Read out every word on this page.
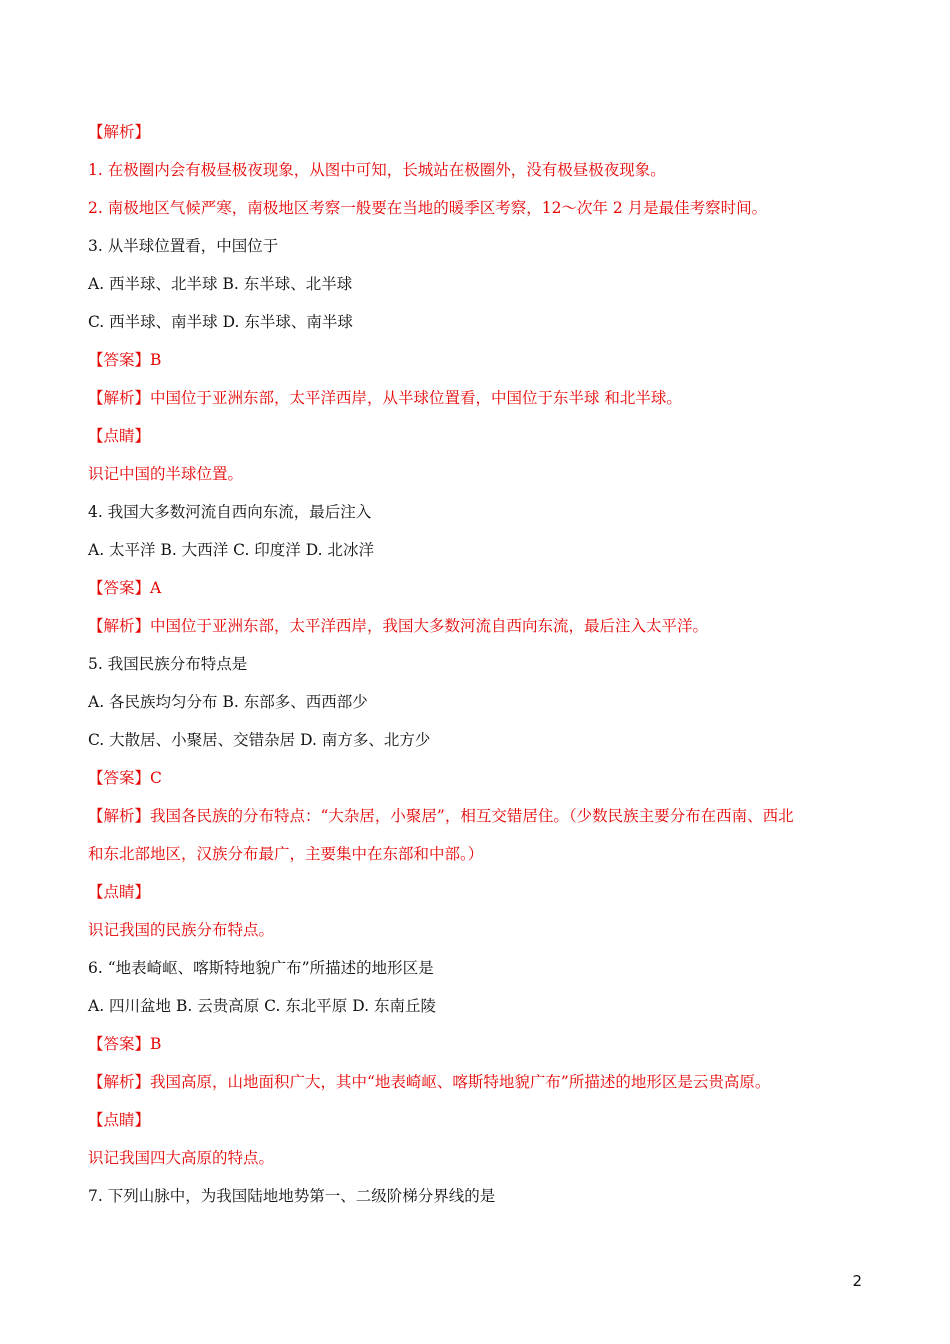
【解析】
1. 在极圈内会有极昼极夜现象，从图中可知，长城站在极圈外，没有极昼极夜现象。
2. 南极地区气候严寒，南极地区考察一般要在当地的暖季区考察，12～次年 2 月是最佳考察时间。
3. 从半球位置看，中国位于
A. 西半球、北半球 B. 东半球、北半球
C. 西半球、南半球 D. 东半球、南半球
【答案】B
【解析】中国位于亚洲东部，太平洋西岸，从半球位置看，中国位于东半球 和北半球。
【点睛】
识记中国的半球位置。
4. 我国大多数河流自西向东流，最后注入
A. 太平洋 B. 大西洋 C. 印度洋 D. 北冰洋
【答案】A
【解析】中国位于亚洲东部，太平洋西岸，我国大多数河流自西向东流，最后注入太平洋。
5. 我国民族分布特点是
A. 各民族均匀分布 B. 东部多、西西部少
C. 大散居、小聚居、交错杂居 D. 南方多、北方少
【答案】C
【解析】我国各民族的分布特点：“大杂居，小聚居”，相互交错居住。（少数民族主要分布在西南、西北
和东北部地区，汉族分布最广，主要集中在东部和中部。）
【点睛】
识记我国的民族分布特点。
6. “地表崎岖、喀斯特地貌广布”所描述的地形区是
A. 四川盆地 B. 云贵高原 C. 东北平原 D. 东南丘陵
【答案】B
【解析】我国高原，山地面积广大，其中“地表崎岖、喀斯特地貌广布”所描述的地形区是云贵高原。
【点睛】
识记我国四大高原的特点。
7. 下列山脉中，为我国陆地地势第一、二级阶梯分界线的是
2
